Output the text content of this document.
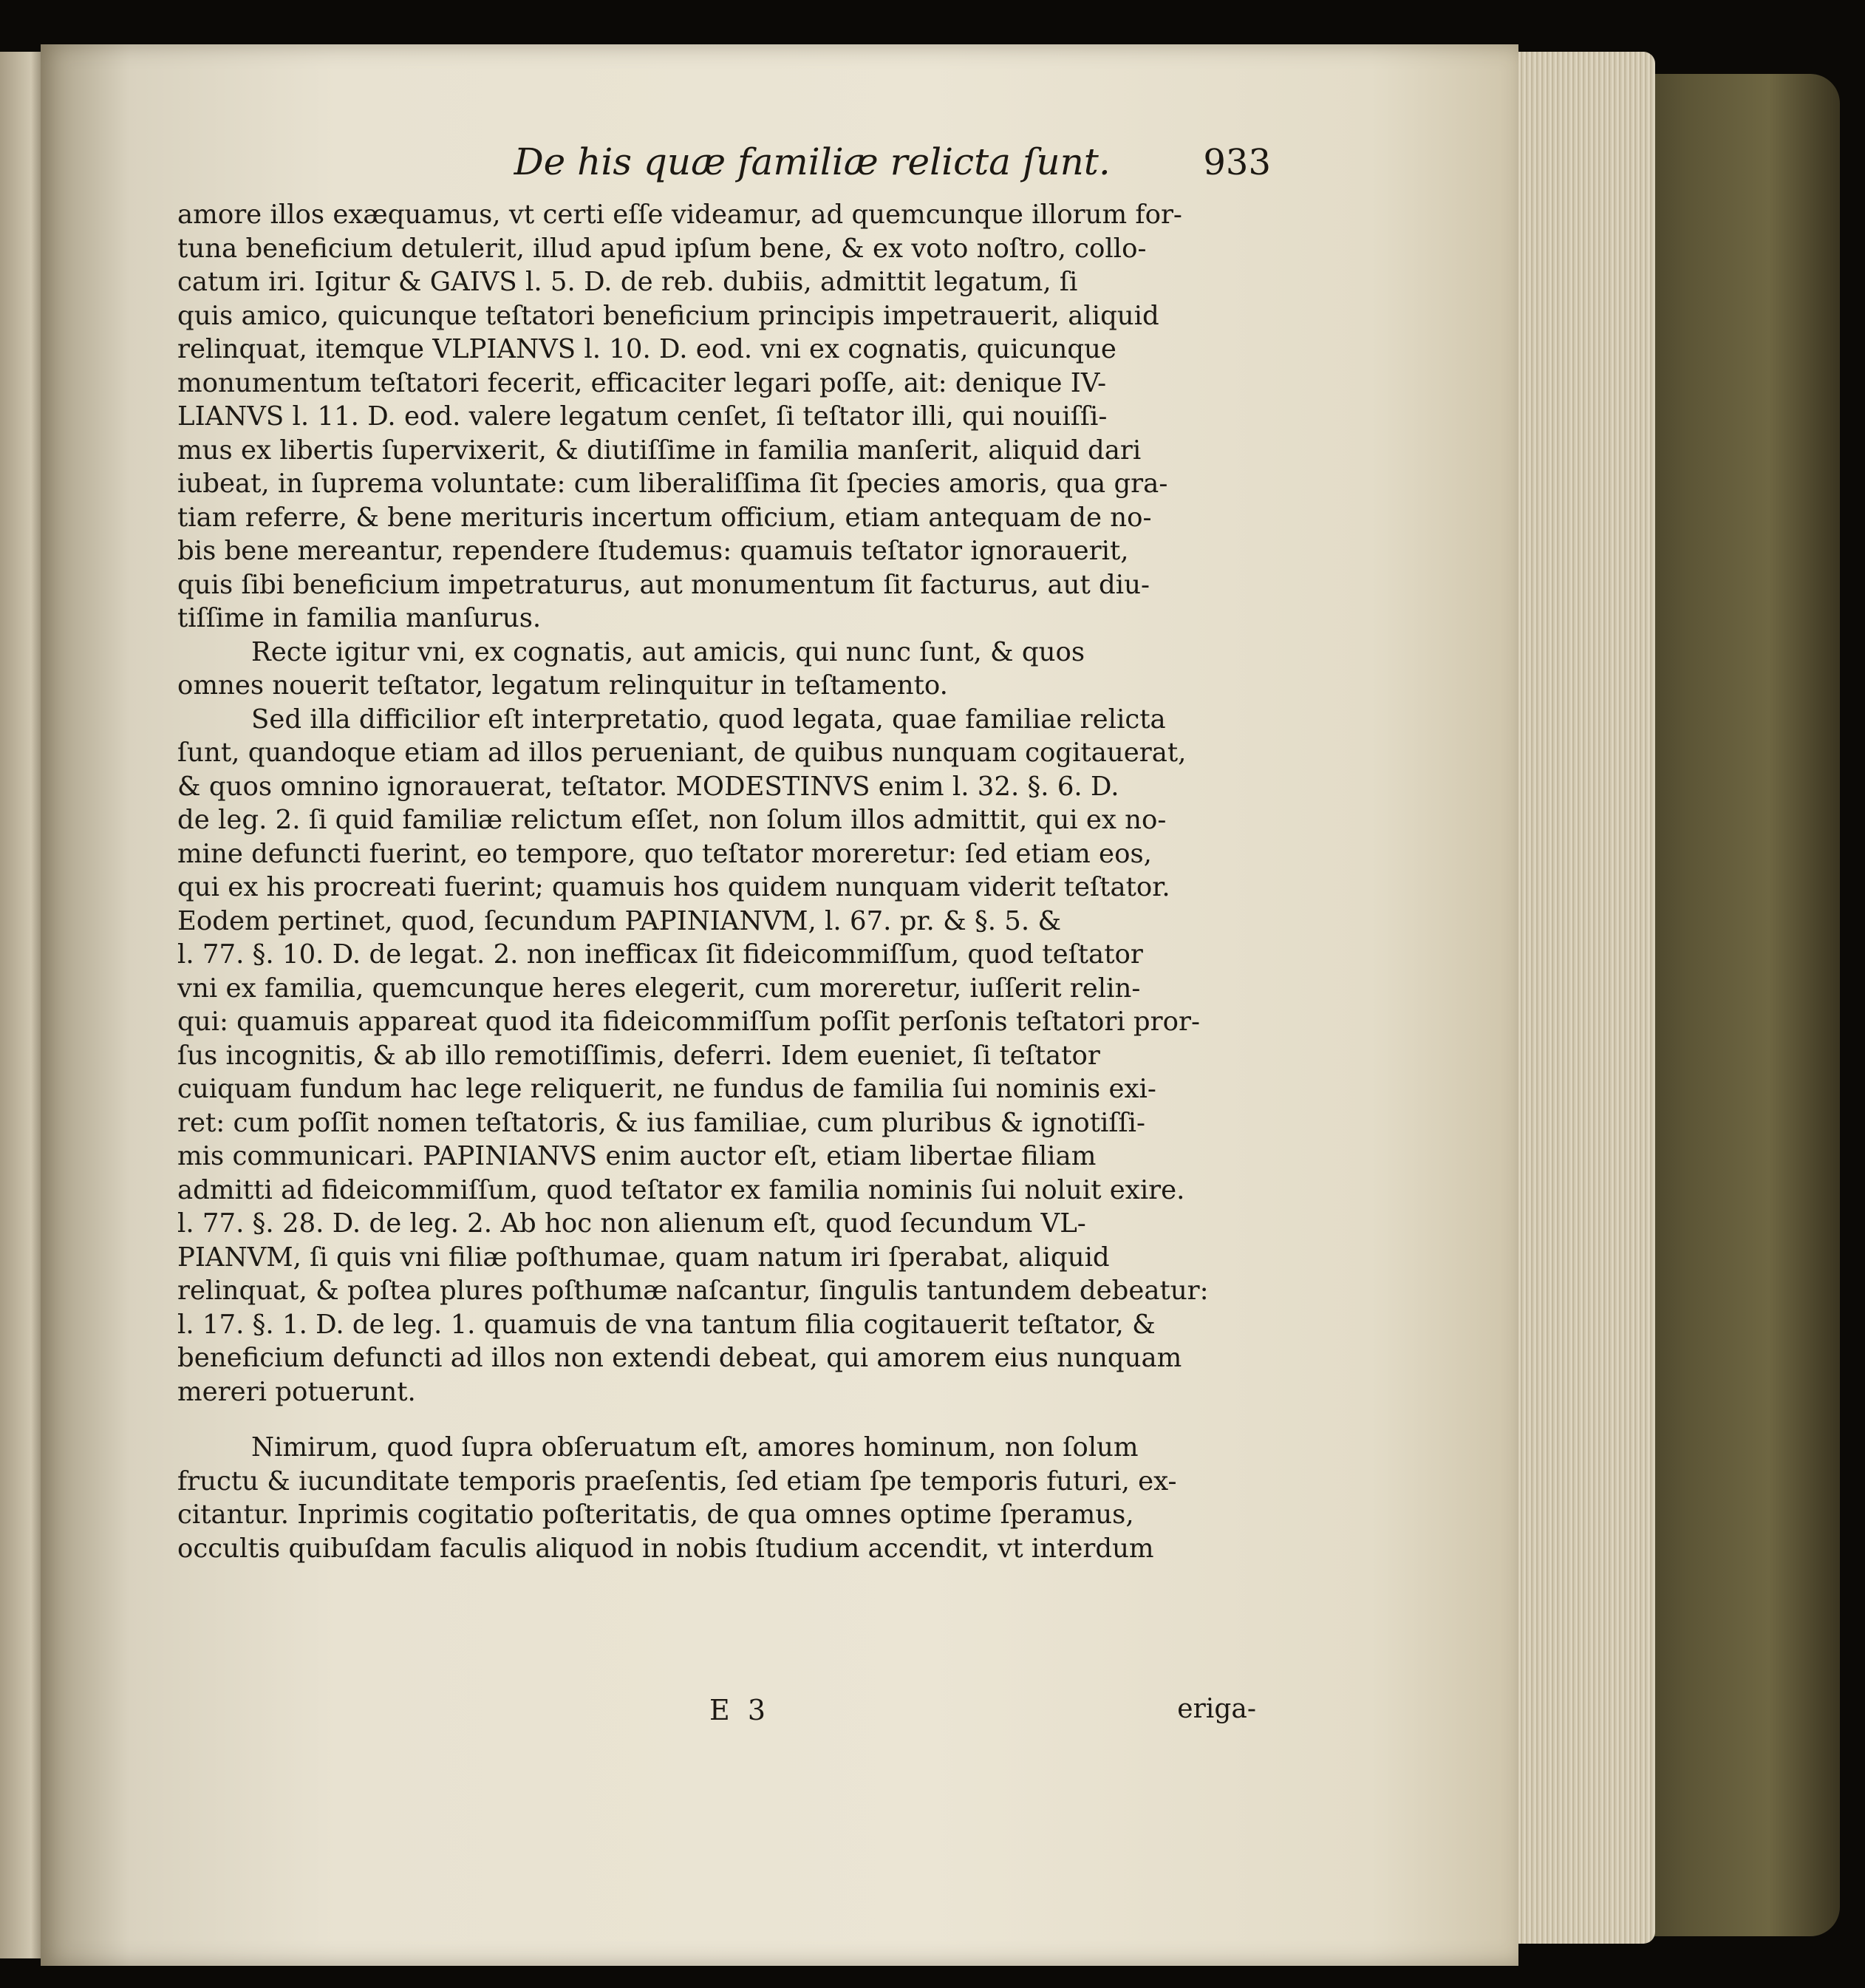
De his quæ familiæ relicta ſunt.	933
amore illos exæquamus, vt certi eſſe videamur, ad quemcunque illorum for-
tuna beneficium detulerit, illud apud ipſum bene, & ex voto noſtro, collo-
catum iri. Igitur & GAIVS l. 5. D. de reb. dubiis, admittit legatum, ſi
quis amico, quicunque teſtatori beneficium principis impetrauerit, aliquid
relinquat, itemque VLPIANVS l. 10. D. eod. vni ex cognatis, quicunque
monumentum teſtatori fecerit, efficaciter legari poſſe, ait: denique IV-
LIANVS l. 11. D. eod. valere legatum cenſet, ſi teſtator illi, qui nouiſſi-
mus ex libertis ſupervixerit, & diutiſſime in familia manſerit, aliquid dari
iubeat, in ſuprema voluntate: cum liberaliſſima ſit ſpecies amoris, qua gra-
tiam referre, & bene merituris incertum officium, etiam antequam de no-
bis bene mereantur, rependere ſtudemus: quamuis teſtator ignorauerit,
quis ſibi beneficium impetraturus, aut monumentum ſit facturus, aut diu-
tiſſime in familia manſurus.
Recte igitur vni, ex cognatis, aut amicis, qui nunc ſunt, & quos
omnes nouerit teſtator, legatum relinquitur in teſtamento.
Sed illa difficilior eſt interpretatio, quod legata, quae familiae relicta
ſunt, quandoque etiam ad illos perueniant, de quibus nunquam cogitauerat,
& quos omnino ignorauerat, teſtator. MODESTINVS enim l. 32. §. 6. D.
de leg. 2. ſi quid familiæ relictum eſſet, non ſolum illos admittit, qui ex no-
mine defuncti fuerint, eo tempore, quo teſtator moreretur: ſed etiam eos,
qui ex his procreati fuerint; quamuis hos quidem nunquam viderit teſtator.
Eodem pertinet, quod, ſecundum PAPINIANVM, l. 67. pr. & §. 5. &
l. 77. §. 10. D. de legat. 2. non inefficax ſit fideicommiſſum, quod teſtator
vni ex familia, quemcunque heres elegerit, cum moreretur, iuſſerit relin-
qui: quamuis appareat quod ita fideicommiſſum poſſit perſonis teſtatori pror-
ſus incognitis, & ab illo remotiſſimis, deferri. Idem eueniet, ſi teſtator
cuiquam fundum hac lege reliquerit, ne fundus de familia ſui nominis exi-
ret: cum poſſit nomen teſtatoris, & ius familiae, cum pluribus & ignotiſſi-
mis communicari. PAPINIANVS enim auctor eſt, etiam libertae filiam
admitti ad fideicommiſſum, quod teſtator ex familia nominis ſui noluit exire.
l. 77. §. 28. D. de leg. 2. Ab hoc non alienum eſt, quod ſecundum VL-
PIANVM, ſi quis vni filiæ poſthumae, quam natum iri ſperabat, aliquid
relinquat, & poſtea plures poſthumæ naſcantur, ſingulis tantundem debeatur:
l. 17. §. 1. D. de leg. 1. quamuis de vna tantum filia cogitauerit teſtator, &
beneficium defuncti ad illos non extendi debeat, qui amorem eius nunquam
mereri potuerunt.
Nimirum, quod ſupra obſeruatum eſt, amores hominum, non ſolum
fructu & iucunditate temporis praeſentis, ſed etiam ſpe temporis futuri, ex-
citantur. Inprimis cogitatio poſteritatis, de qua omnes optime ſperamus,
occultis quibuſdam faculis aliquod in nobis ſtudium accendit, vt interdum
E 3	eriga-
